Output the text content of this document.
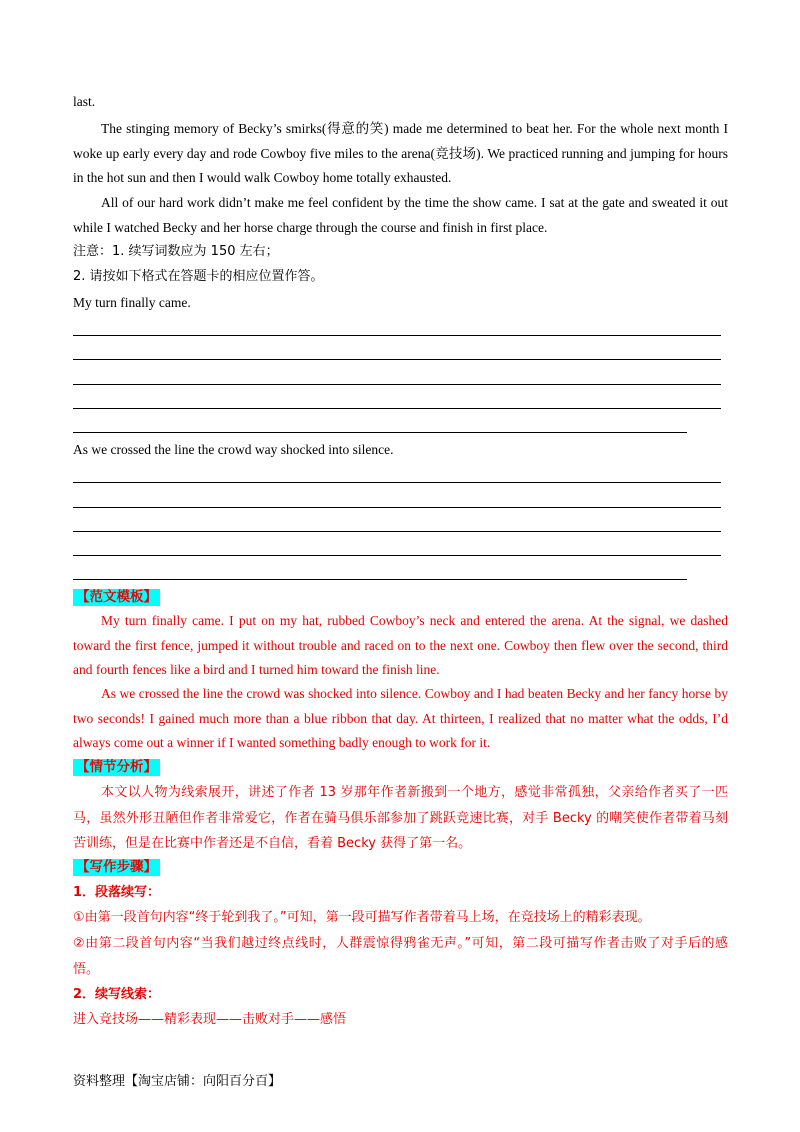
last.

The stinging memory of Becky’s smirks(得意的笑) made me determined to beat her. For the whole next month I woke up early every day and rode Cowboy five miles to the arena(竞技场). We practiced running and jumping for hours in the hot sun and then I would walk Cowboy home totally exhausted.

All of our hard work didn’t make me feel confident by the time the show came. I sat at the gate and sweated it out while I watched Becky and her horse charge through the course and finish in first place.

注意：1. 续写词数应为 150 左右；

2. 请按如下格式在答题卡的相应位置作答。

My turn finally came.

As we crossed the line the crowd way shocked into silence.

【范文模板】

My turn finally came. I put on my hat, rubbed Cowboy’s neck and entered the arena. At the signal, we dashed toward the first fence, jumped it without trouble and raced on to the next one. Cowboy then flew over the second, third and fourth fences like a bird and I turned him toward the finish line.

As we crossed the line the crowd was shocked into silence. Cowboy and I had beaten Becky and her fancy horse by two seconds! I gained much more than a blue ribbon that day. At thirteen, I realized that no matter what the odds, I’d always come out a winner if I wanted something badly enough to work for it.

【情节分析】

本文以人物为线索展开，讲述了作者 13 岁那年作者新搬到一个地方，感觉非常孤独，父亲给作者买了一匹马，虽然外形丑陋但作者非常爱它，作者在骑马俱乐部参加了跳跃竞速比赛，对手 Becky 的嘲笑使作者带着马刻苦训练，但是在比赛中作者还是不自信，看着 Becky 获得了第一名。

【写作步骤】

1．段落续写：

①由第一段首句内容“终于轮到我了。”可知，第一段可描写作者带着马上场，在竞技场上的精彩表现。

②由第二段首句内容“当我们越过终点线时，人群震惊得鸦雀无声。”可知，第二段可描写作者击败了对手后的感悟。

2．续写线索：

进入竞技场——精彩表现——击败对手——感悟

资料整理【淘宝店铺：向阳百分百】
